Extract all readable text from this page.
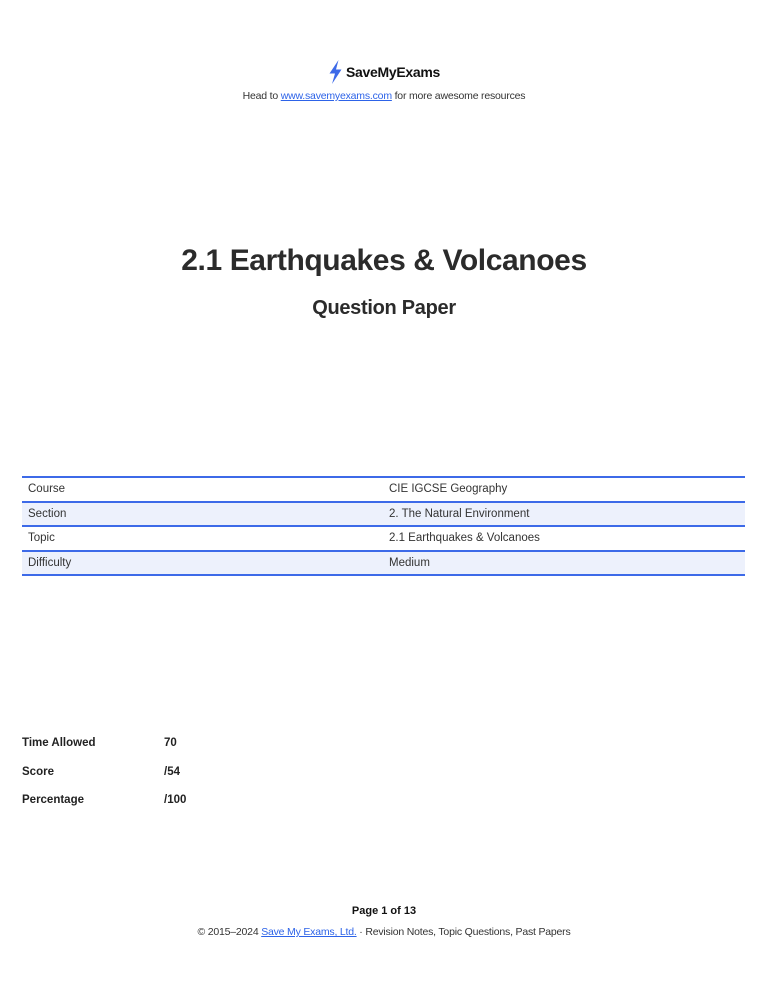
SaveMyExams
Head to www.savemyexams.com for more awesome resources
2.1 Earthquakes & Volcanoes
Question Paper
Course	CIE IGCSE Geography
Section	2. The Natural Environment
Topic	2.1 Earthquakes & Volcanoes
Difficulty	Medium
Time Allowed	70
Score	/54
Percentage	/100
Page 1 of 13
© 2015–2024 Save My Exams, Ltd. · Revision Notes, Topic Questions, Past Papers
